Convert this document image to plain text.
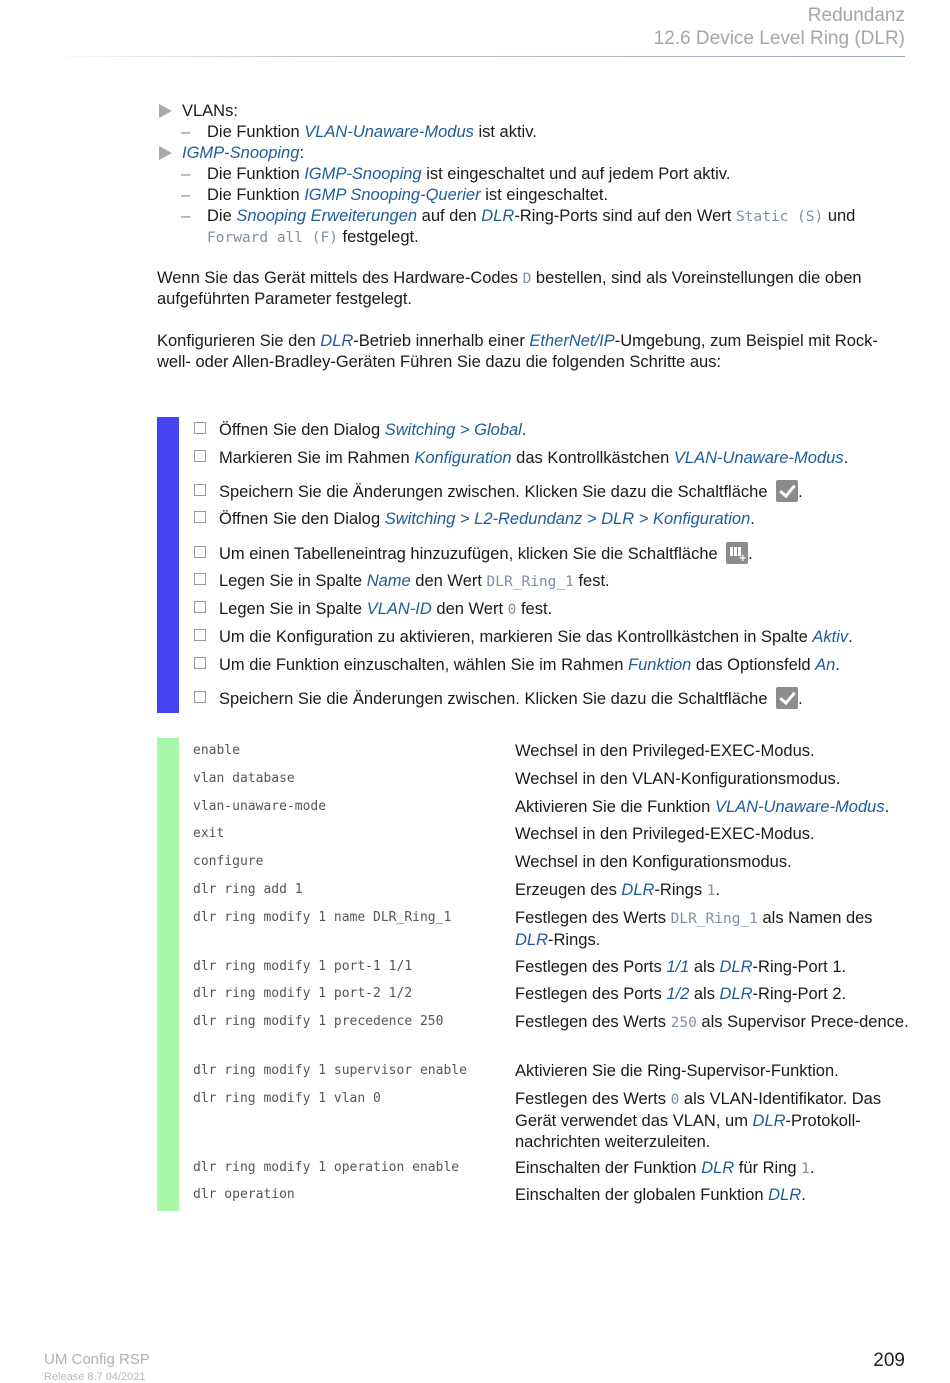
Redundanz
12.6 Device Level Ring (DLR)
VLANs:
– Die Funktion VLAN-Unaware-Modus ist aktiv.
IGMP-Snooping:
– Die Funktion IGMP-Snooping ist eingeschaltet und auf jedem Port aktiv.
– Die Funktion IGMP Snooping-Querier ist eingeschaltet.
– Die Snooping Erweiterungen auf den DLR-Ring-Ports sind auf den Wert Static (S) und
Forward all (F) festgelegt.
Wenn Sie das Gerät mittels des Hardware-Codes D bestellen, sind als Voreinstellungen die oben
aufgeführten Parameter festgelegt.
Konfigurieren Sie den DLR-Betrieb innerhalb einer EtherNet/IP-Umgebung, zum Beispiel mit Rock-
well- oder Allen-Bradley-Geräten Führen Sie dazu die folgenden Schritte aus:
Öffnen Sie den Dialog Switching > Global.
Markieren Sie im Rahmen Konfiguration das Kontrollkästchen VLAN-Unaware-Modus.
Speichern Sie die Änderungen zwischen. Klicken Sie dazu die Schaltfläche .
Öffnen Sie den Dialog Switching > L2-Redundanz > DLR > Konfiguration.
Um einen Tabelleneintrag hinzuzufügen, klicken Sie die Schaltfläche + .
Legen Sie in Spalte Name den Wert DLR_Ring_1 fest.
Legen Sie in Spalte VLAN-ID den Wert 0 fest.
Um die Konfiguration zu aktivieren, markieren Sie das Kontrollkästchen in Spalte Aktiv.
Um die Funktion einzuschalten, wählen Sie im Rahmen Funktion das Optionsfeld An.
Speichern Sie die Änderungen zwischen. Klicken Sie dazu die Schaltfläche .
enable	Wechsel in den Privileged-EXEC-Modus.
vlan database	Wechsel in den VLAN-Konfigurationsmodus.
vlan-unaware-mode	Aktivieren Sie die Funktion VLAN-Unaware-Modus.
exit	Wechsel in den Privileged-EXEC-Modus.
configure	Wechsel in den Konfigurationsmodus.
dlr ring add 1	Erzeugen des DLR-Rings 1.
dlr ring modify 1 name DLR_Ring_1	Festlegen des Werts DLR_Ring_1 als Namen des DLR-Rings.
dlr ring modify 1 port-1 1/1	Festlegen des Ports 1/1 als DLR-Ring-Port 1.
dlr ring modify 1 port-2 1/2	Festlegen des Ports 1/2 als DLR-Ring-Port 2.
dlr ring modify 1 precedence 250	Festlegen des Werts 250 als Supervisor Prece-dence.
dlr ring modify 1 supervisor enable	Aktivieren Sie die Ring-Supervisor-Funktion.
dlr ring modify 1 vlan 0	Festlegen des Werts 0 als VLAN-Identifikator. Das Gerät verwendet das VLAN, um DLR-Protokoll-nachrichten weiterzuleiten.
dlr ring modify 1 operation enable	Einschalten der Funktion DLR für Ring 1.
dlr operation	Einschalten der globalen Funktion DLR.
UM Config RSP
Release 8.7 04/2021
209
